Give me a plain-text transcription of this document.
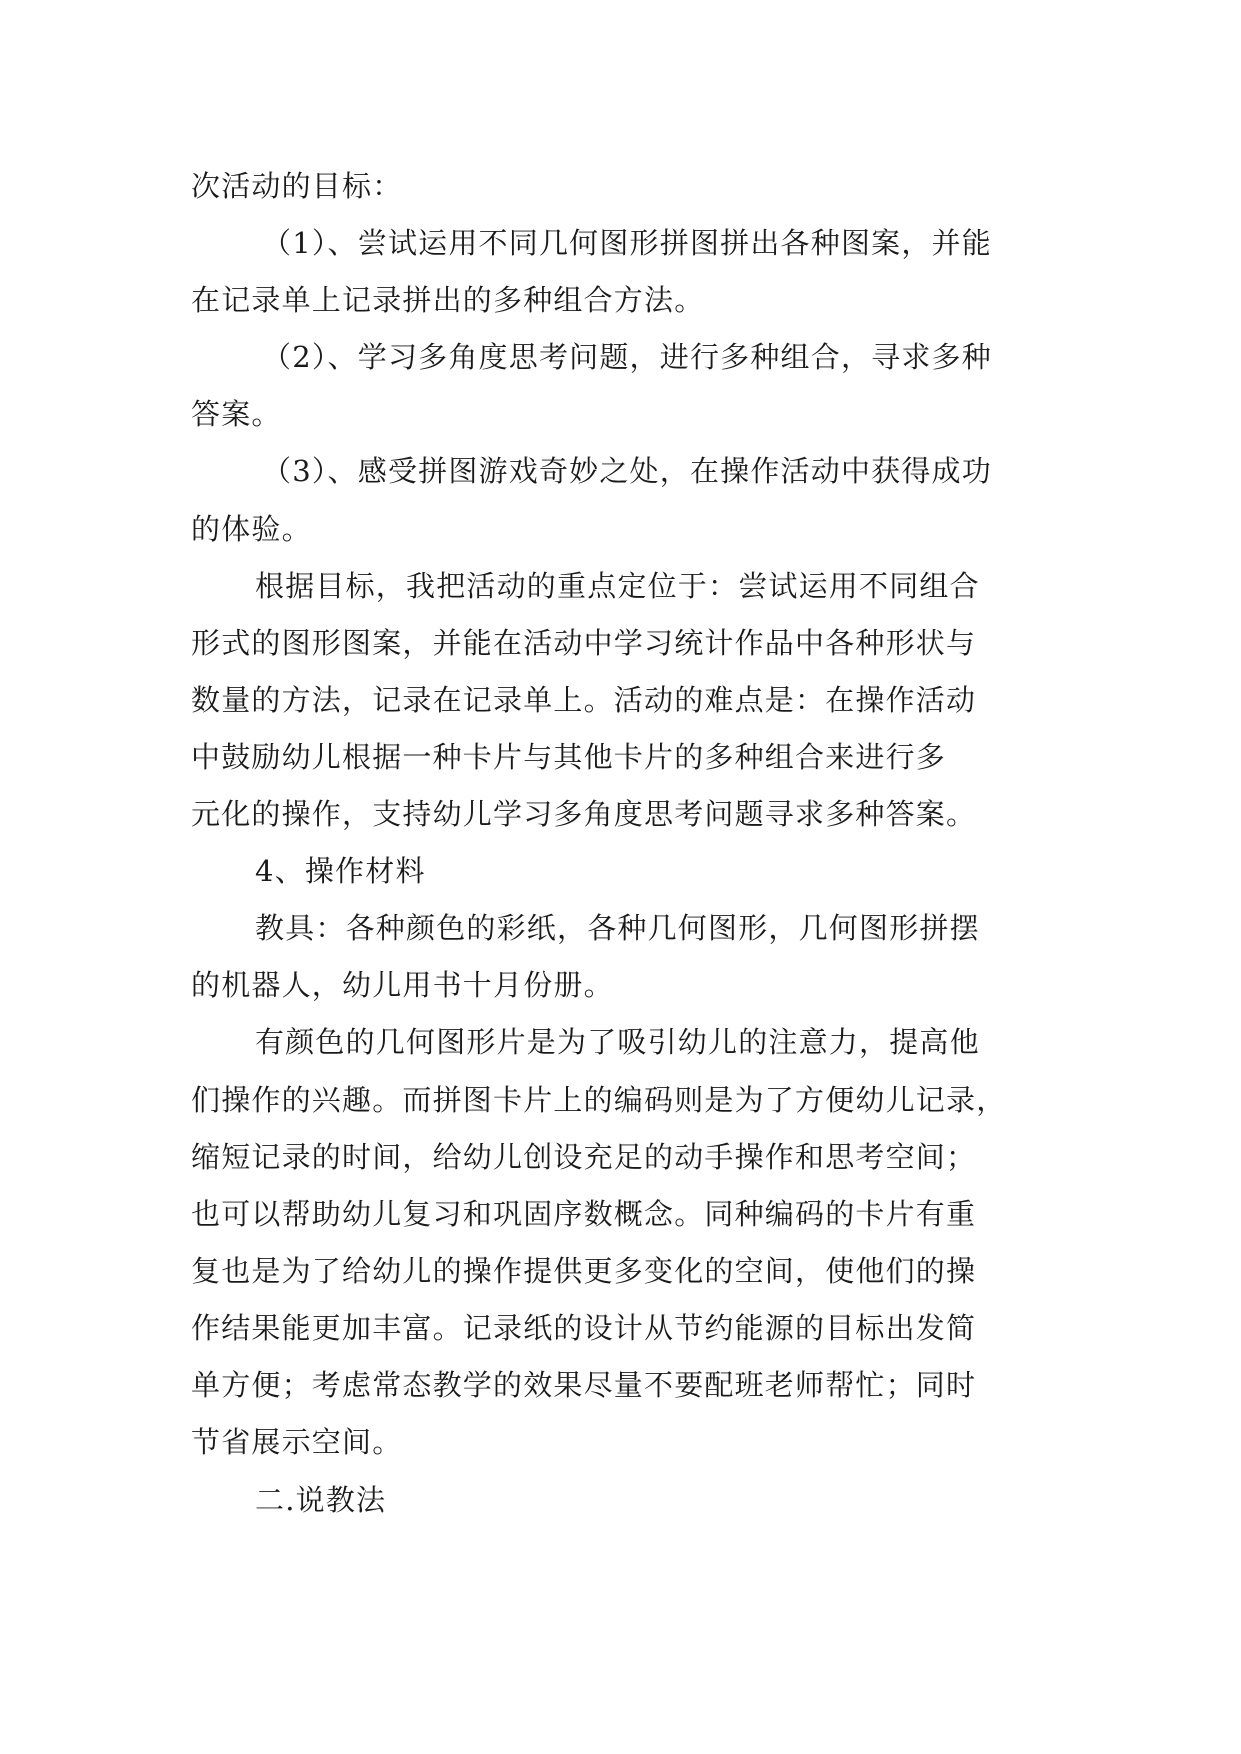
次活动的目标：
（1）、尝试运用不同几何图形拼图拼出各种图案，并能
在记录单上记录拼出的多种组合方法。
（2）、学习多角度思考问题，进行多种组合，寻求多种
答案。
（3）、感受拼图游戏奇妙之处，在操作活动中获得成功
的体验。
根据目标，我把活动的重点定位于：尝试运用不同组合
形式的图形图案，并能在活动中学习统计作品中各种形状与
数量的方法，记录在记录单上。活动的难点是：在操作活动
中鼓励幼儿根据一种卡片与其他卡片的多种组合来进行多
元化的操作，支持幼儿学习多角度思考问题寻求多种答案。
4、操作材料
教具：各种颜色的彩纸，各种几何图形，几何图形拼摆
的机器人，幼儿用书十月份册。
有颜色的几何图形片是为了吸引幼儿的注意力，提高他
们操作的兴趣。而拼图卡片上的编码则是为了方便幼儿记录，
缩短记录的时间，给幼儿创设充足的动手操作和思考空间；
也可以帮助幼儿复习和巩固序数概念。同种编码的卡片有重
复也是为了给幼儿的操作提供更多变化的空间，使他们的操
作结果能更加丰富。记录纸的设计从节约能源的目标出发简
单方便；考虑常态教学的效果尽量不要配班老师帮忙；同时
节省展示空间。
二.说教法
